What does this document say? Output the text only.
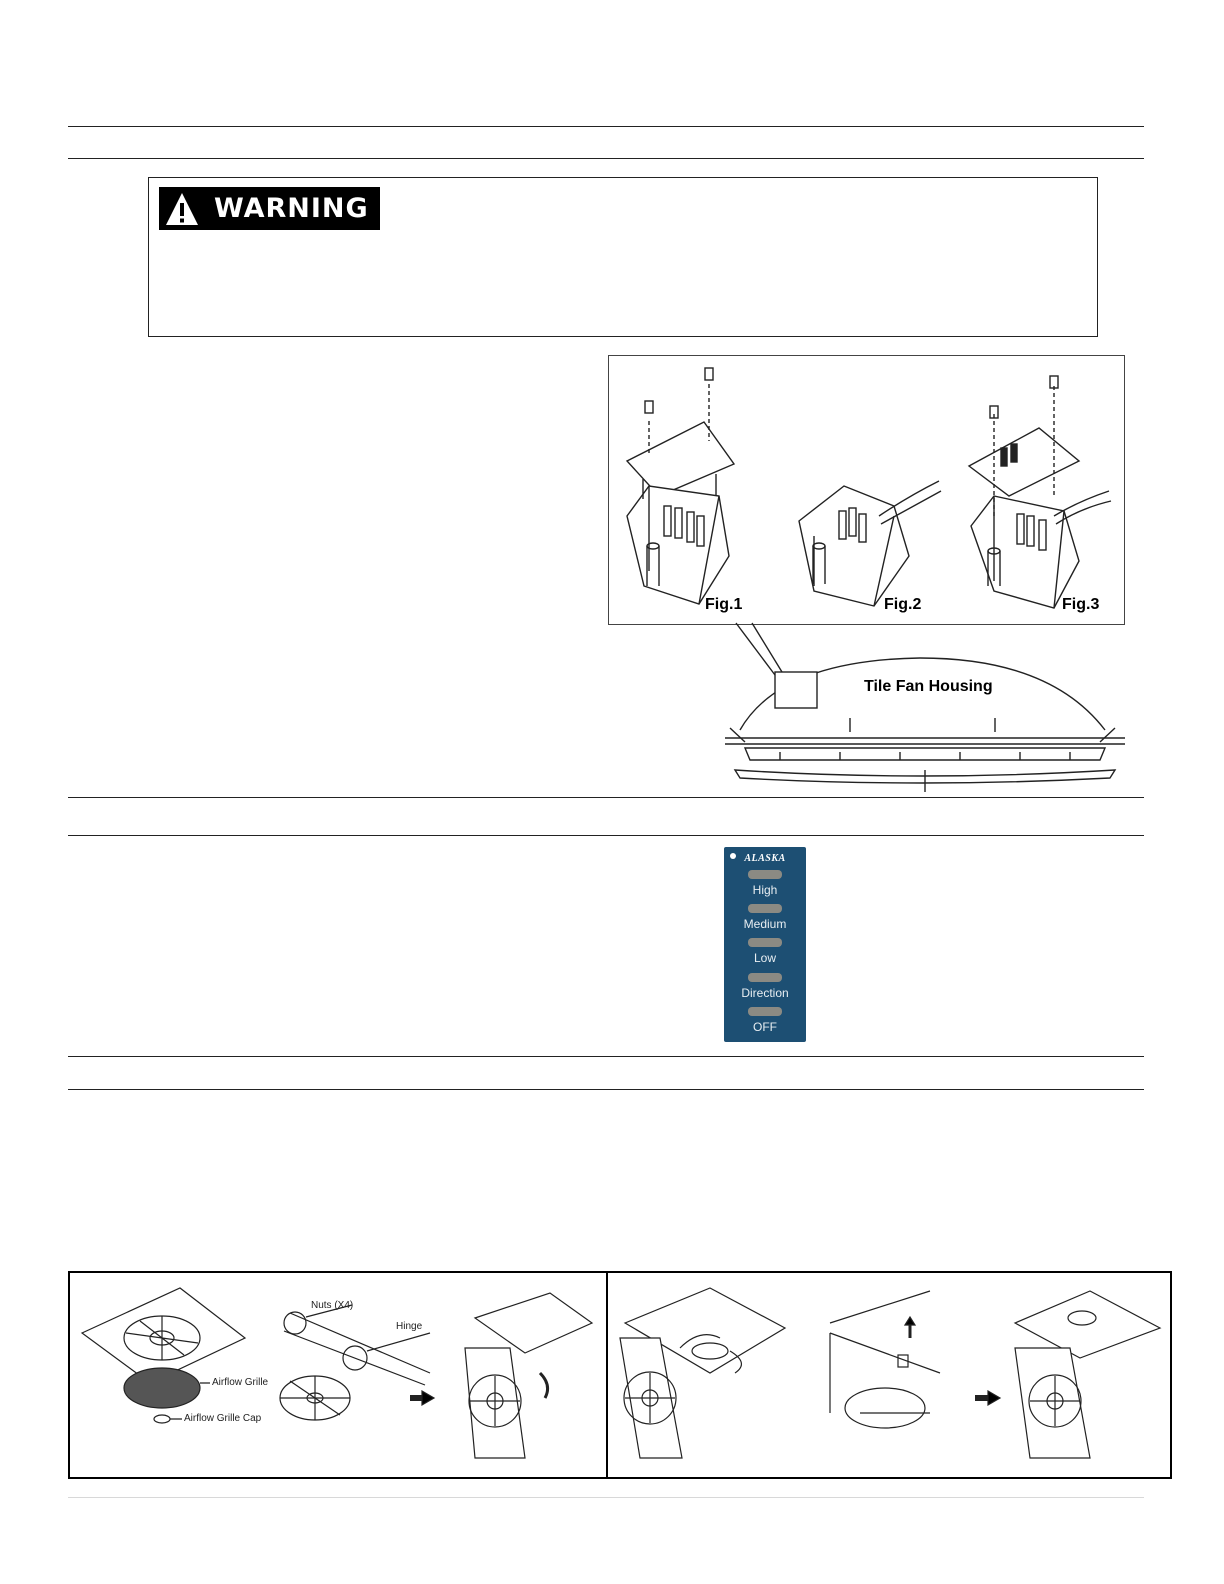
WARNING
Fig.1	Fig.2	Fig.3
Tile Fan Housing
ALASKA
High
Medium
Low
Direction
OFF
Airflow Grille
Airflow Grille Cap
Nuts (X4)
Hinge
